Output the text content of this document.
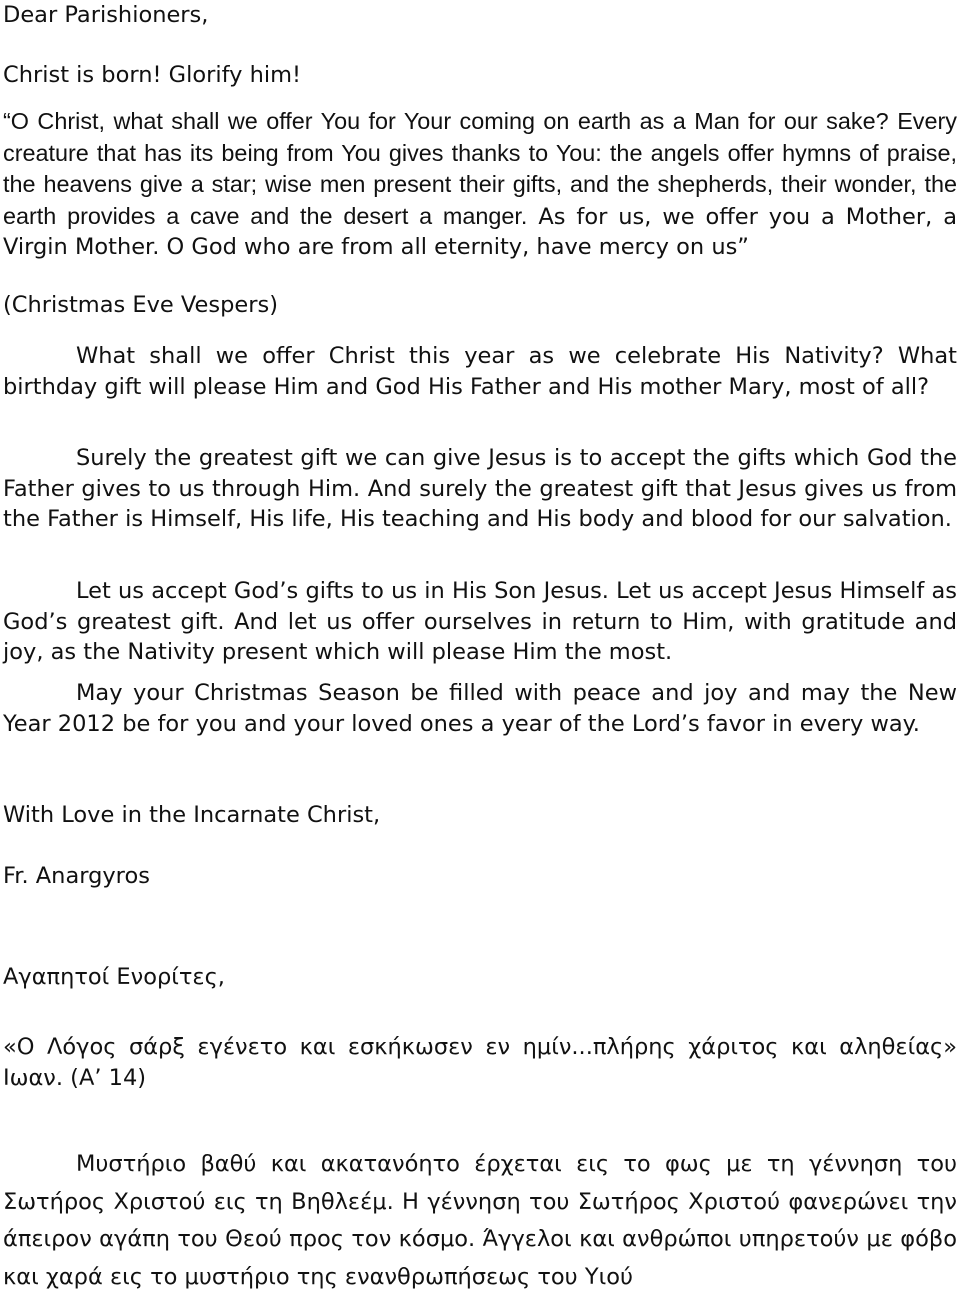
Dear Parishioners,
Christ is born! Glorify him!

“O Christ, what shall we offer You for Your coming on earth as a Man for our sake? Every creature that has its being from You gives thanks to You: the angels offer hymns of praise, the heavens give a star; wise men present their gifts, and the shepherds, their wonder, the earth provides a cave and the desert a manger. As for us, we offer you a Mother, a Virgin Mother. O God who are from all eternity, have mercy on us”

(Christmas Eve Vespers)

What shall we offer Christ this year as we celebrate His Nativity? What birthday gift will please Him and God His Father and His mother Mary, most of all?

Surely the greatest gift we can give Jesus is to accept the gifts which God the Father gives to us through Him. And surely the greatest gift that Jesus gives us from the Father is Himself, His life, His teaching and His body and blood for our salvation.

Let us accept God’s gifts to us in His Son Jesus. Let us accept Jesus Himself as God’s greatest gift. And let us offer ourselves in return to Him, with gratitude and joy, as the Nativity present which will please Him the most.

May your Christmas Season be filled with peace and joy and may the New Year 2012 be for you and your loved ones a year of the Lord’s favor in every way.

With Love in the Incarnate Christ,
Fr. Anargyros
Αγαπητοί Ενορίτες,

«Ο Λόγος σάρξ εγένετο και εσκήκωσεν εν ημίν...πλήρης χάριτος και αληθείας» Ιωαν. (Α’ 14)

Μυστήριο βαθύ και ακατανόητο έρχεται εις το φως με τη γέννηση του Σωτήρος Χριστού εις τη Βηθλεέμ. Η γέννηση του Σωτήρος Χριστού φανερώνει την άπειρον αγάπη του Θεού προς τον κόσμο. Άγγελοι και ανθρώποι υπηρετούν με φόβο και χαρά εις το μυστήριο της ενανθρωπήσεως του Υιού
